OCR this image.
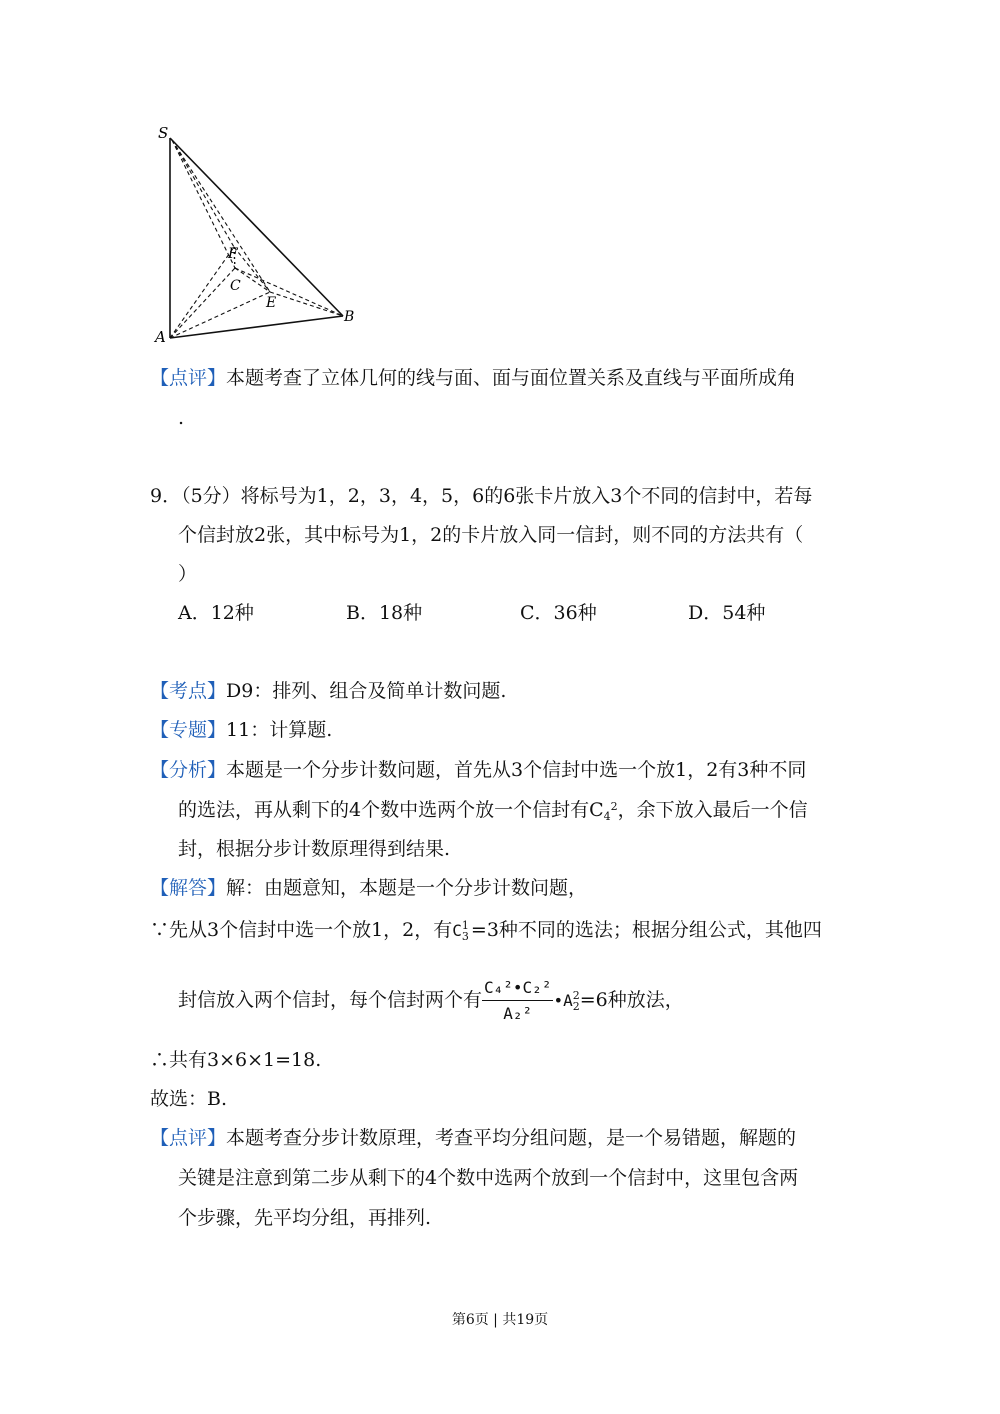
S
F
C
E
B
A
【点评】本题考查了立体几何的线与面、面与面位置关系及直线与平面所成角
.
9．（5分）将标号为1，2，3，4，5，6的6张卡片放入3个不同的信封中，若每
个信封放2张，其中标号为1，2的卡片放入同一信封，则不同的方法共有（
）
A．12种	B．18种	C．36种	D．54种
【考点】D9：排列、组合及简单计数问题.
【专题】11：计算题.
【分析】本题是一个分步计数问题，首先从3个信封中选一个放1，2有3种不同
的选法，再从剩下的4个数中选两个放一个信封有$C_4^2$，余下放入最后一个信
封，根据分步计数原理得到结果.
【解答】解：由题意知，本题是一个分步计数问题，
∵先从3个信封中选一个放1，2，有C 1
3 =3种不同的选法；根据分组公式，其他四
封信放入两个信封，每个信封两个有 $\frac{\text{C₄²•C₂²}}{\text{A₂²}}$ •A 2
2 =6种放法，
∴共有3×6×1=18.
故选：B.
【点评】本题考查分步计数原理，考查平均分组问题，是一个易错题，解题的
关键是注意到第二步从剩下的4个数中选两个放到一个信封中，这里包含两
个步骤，先平均分组，再排列.
第6页 | 共19页
